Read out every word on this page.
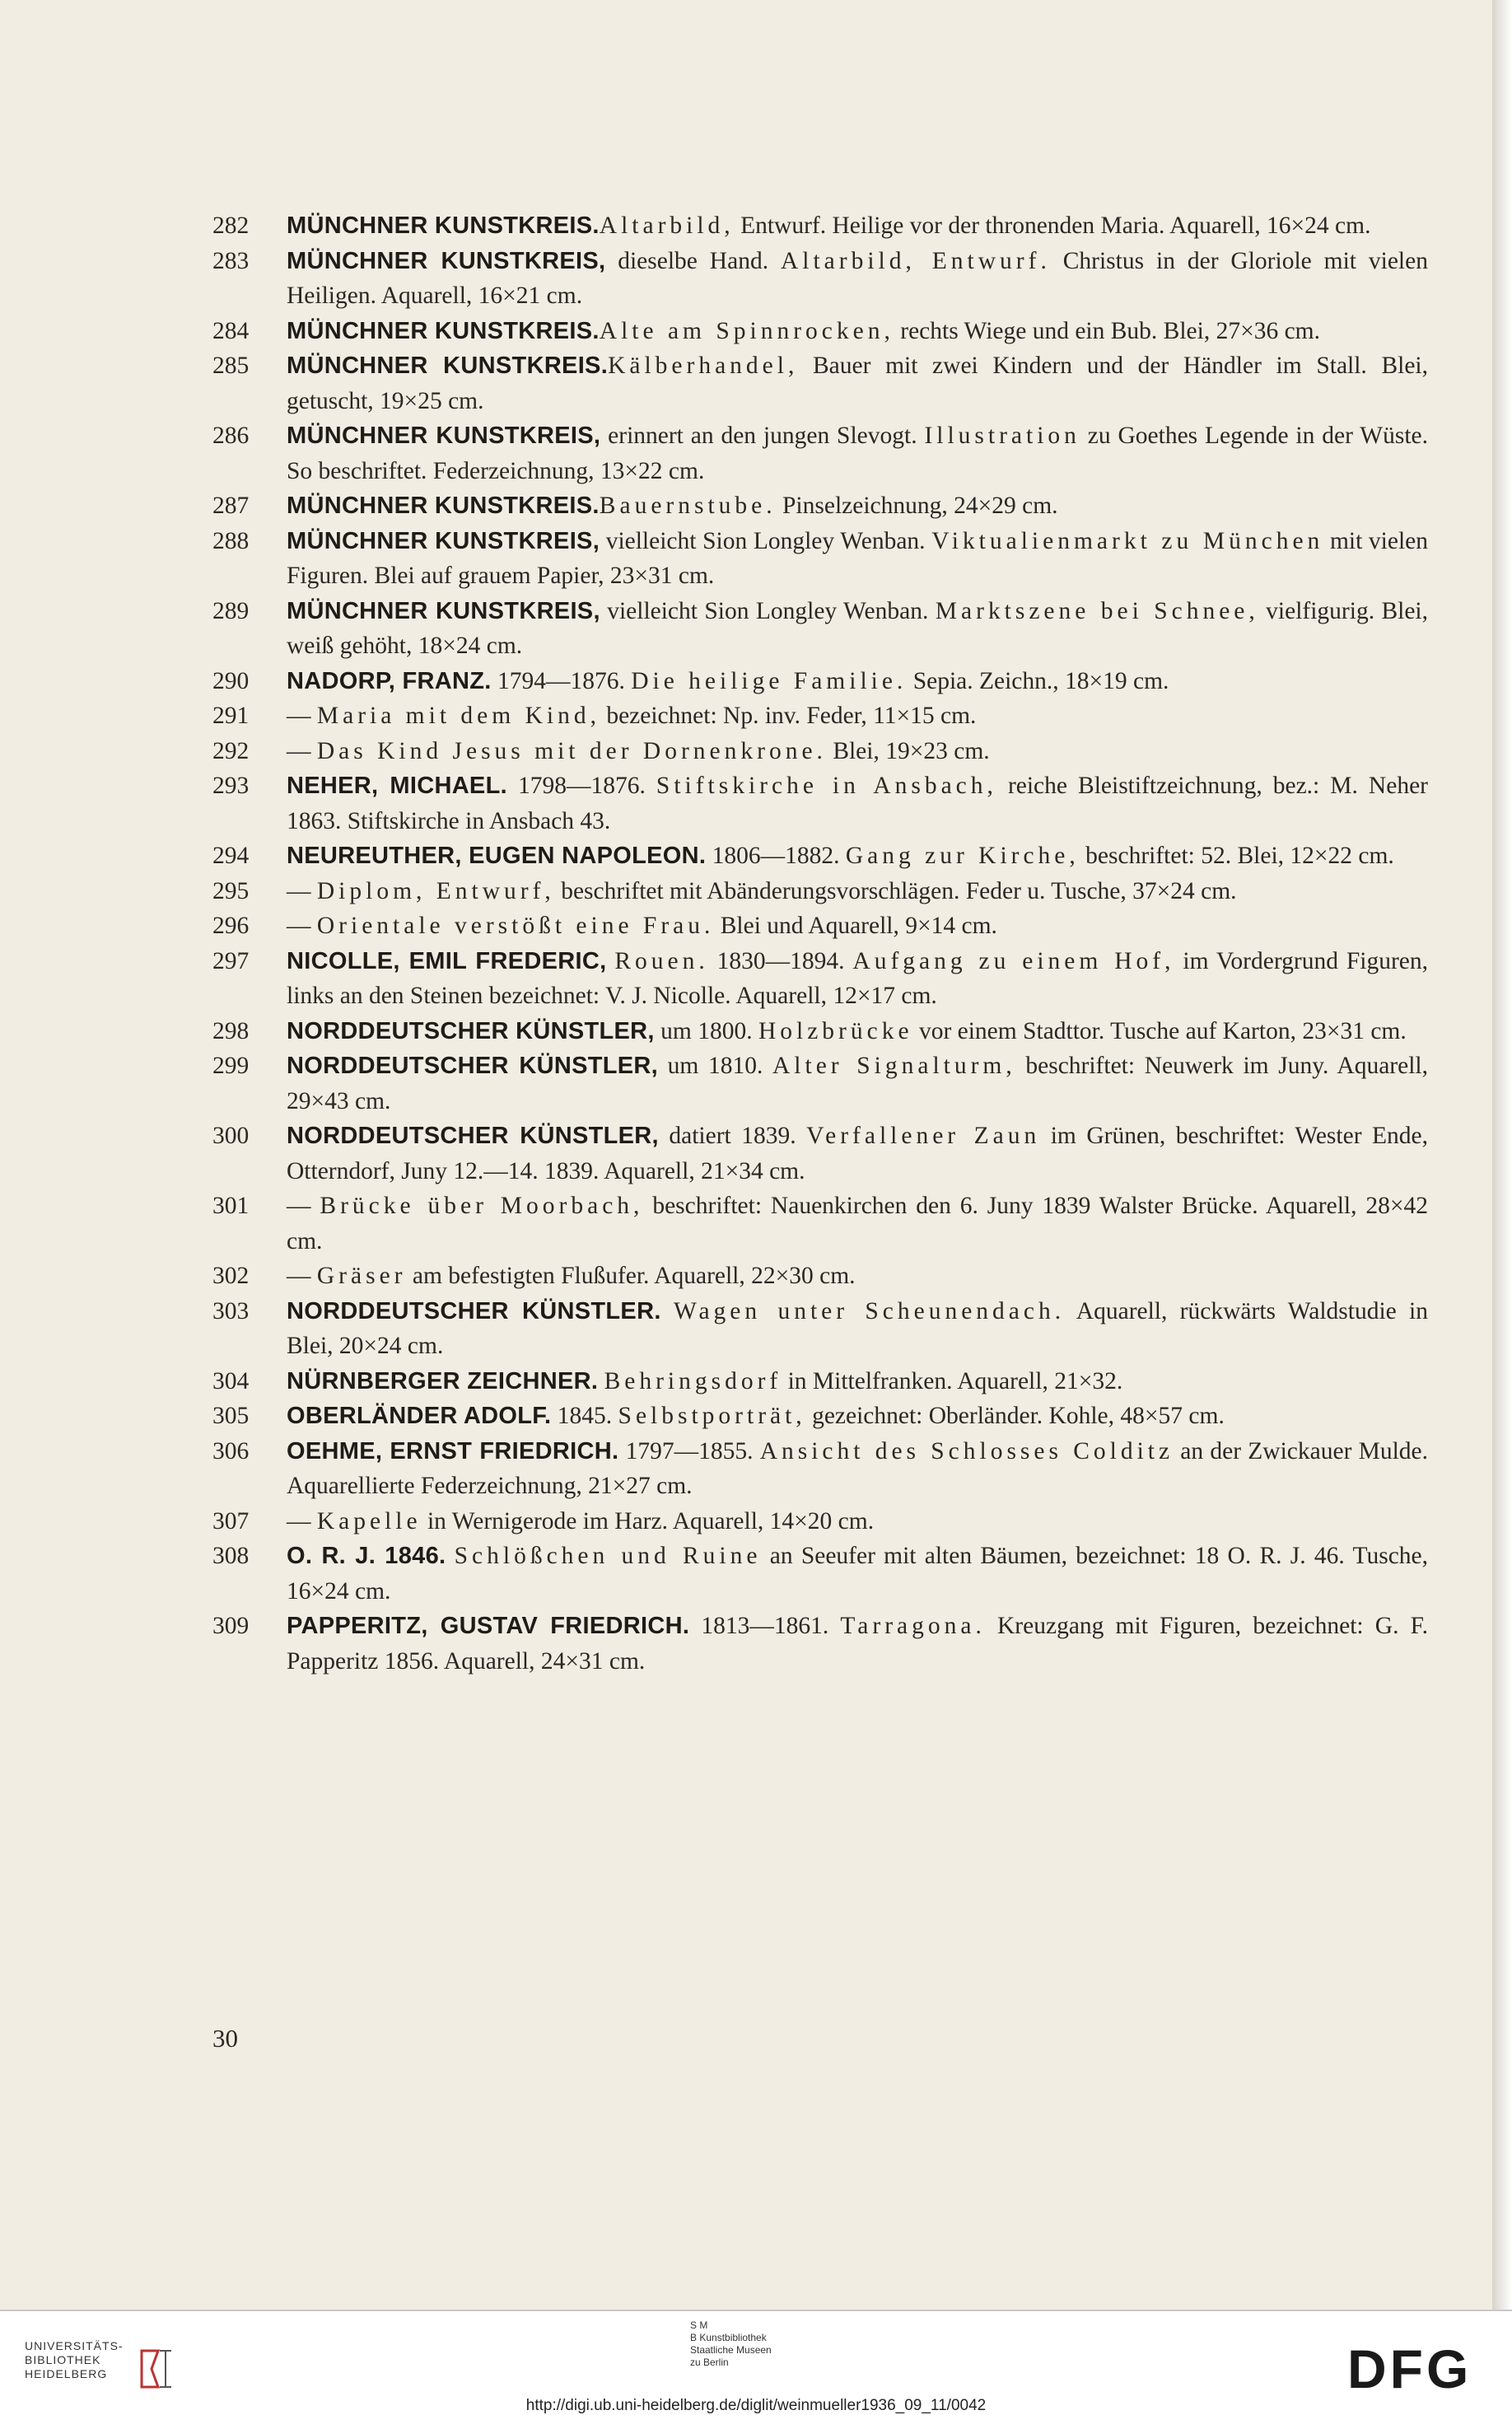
282	MÜNCHNER KUNSTKREIS.Altarbild, Entwurf. Heilige vor der thronenden Maria. Aquarell, 16×24 cm.
283	MÜNCHNER KUNSTKREIS, dieselbe Hand. Altarbild, Entwurf. Christus in der Gloriole mit vielen Heiligen. Aquarell, 16×21 cm.
284	MÜNCHNER KUNSTKREIS.Alte am Spinnrocken, rechts Wiege und ein Bub. Blei, 27×36 cm.
285	MÜNCHNER KUNSTKREIS.Kälberhandel, Bauer mit zwei Kindern und der Händler im Stall. Blei, getuscht, 19×25 cm.
286	MÜNCHNER KUNSTKREIS, erinnert an den jungen Slevogt. Illustration zu Goethes Legende in der Wüste. So beschriftet. Federzeichnung, 13×22 cm.
287	MÜNCHNER KUNSTKREIS.Bauernstube. Pinselzeichnung, 24×29 cm.
288	MÜNCHNER KUNSTKREIS, vielleicht Sion Longley Wenban. Viktualienmarkt zu München mit vielen Figuren. Blei auf grauem Papier, 23×31 cm.
289	MÜNCHNER KUNSTKREIS, vielleicht Sion Longley Wenban. Marktszene bei Schnee, vielfigurig. Blei, weiß gehöht, 18×24 cm.
290	NADORP, FRANZ. 1794—1876. Die heilige Familie. Sepia. Zeichn., 18×19 cm.
291	— Maria mit dem Kind, bezeichnet: Np. inv. Feder, 11×15 cm.
292	— Das Kind Jesus mit der Dornenkrone. Blei, 19×23 cm.
293	NEHER, MICHAEL. 1798—1876. Stiftskirche in Ansbach, reiche Bleistiftzeichnung, bez.: M. Neher 1863. Stiftskirche in Ansbach 43.
294	NEUREUTHER, EUGEN NAPOLEON. 1806—1882. Gang zur Kirche, beschriftet: 52. Blei, 12×22 cm.
295	— Diplom, Entwurf, beschriftet mit Abänderungsvorschlägen. Feder u. Tusche, 37×24 cm.
296	— Orientale verstößt eine Frau. Blei und Aquarell, 9×14 cm.
297	NICOLLE, EMIL FREDERIC, Rouen. 1830—1894. Aufgang zu einem Hof, im Vordergrund Figuren, links an den Steinen bezeichnet: V. J. Nicolle. Aquarell, 12×17 cm.
298	NORDDEUTSCHER KÜNSTLER, um 1800. Holzbrücke vor einem Stadttor. Tusche auf Karton, 23×31 cm.
299	NORDDEUTSCHER KÜNSTLER, um 1810. Alter Signalturm, beschriftet: Neuwerk im Juny. Aquarell, 29×43 cm.
300	NORDDEUTSCHER KÜNSTLER, datiert 1839. Verfallener Zaun im Grünen, beschriftet: Wester Ende, Otterndorf, Juny 12.—14. 1839. Aquarell, 21×34 cm.
301	— Brücke über Moorbach, beschriftet: Nauenkirchen den 6. Juny 1839 Walster Brücke. Aquarell, 28×42 cm.
302	— Gräser am befestigten Flußufer. Aquarell, 22×30 cm.
303	NORDDEUTSCHER KÜNSTLER. Wagen unter Scheunendach. Aquarell, rückwärts Waldstudie in Blei, 20×24 cm.
304	NÜRNBERGER ZEICHNER. Behringsdorf in Mittelfranken. Aquarell, 21×32.
305	OBERLÄNDER ADOLF. 1845. Selbstporträt, gezeichnet: Oberländer. Kohle, 48×57 cm.
306	OEHME, ERNST FRIEDRICH. 1797—1855. Ansicht des Schlosses Colditz an der Zwickauer Mulde. Aquarellierte Federzeichnung, 21×27 cm.
307	— Kapelle in Wernigerode im Harz. Aquarell, 14×20 cm.
308	O. R. J. 1846. Schlößchen und Ruine an Seeufer mit alten Bäumen, bezeichnet: 18 O. R. J. 46. Tusche, 16×24 cm.
309	PAPPERITZ, GUSTAV FRIEDRICH. 1813—1861. Tarragona. Kreuzgang mit Figuren, bezeichnet: G. F. Papperitz 1856. Aquarell, 24×31 cm.
30
UNIVERSITÄTS-
BIBLIOTHEK
HEIDELBERG
S M
B Kunstbibliothek
Staatliche Museen
zu Berlin	DFG
http://digi.ub.uni-heidelberg.de/diglit/weinmueller1936_09_11/0042
